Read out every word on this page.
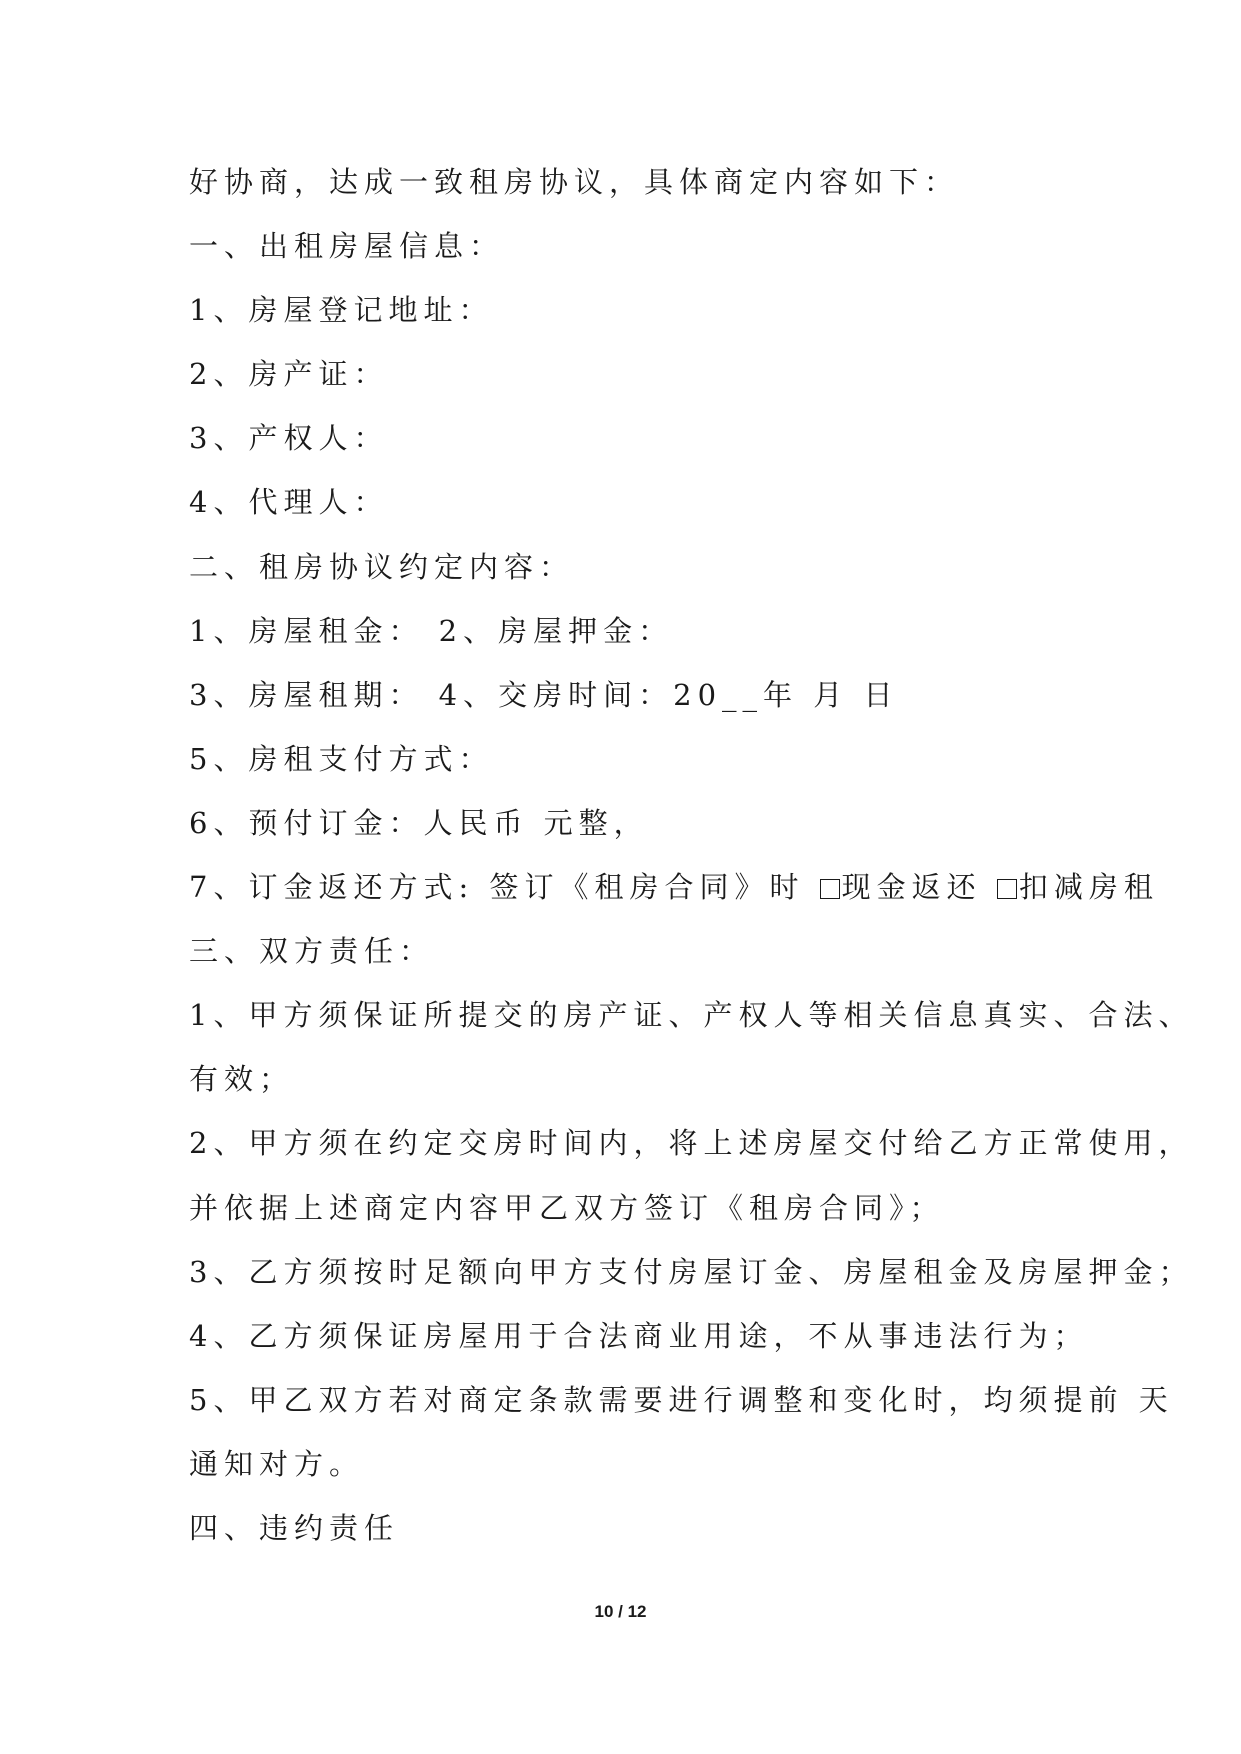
好协商，达成一致租房协议，具体商定内容如下：
一、出租房屋信息：
1、房屋登记地址：
2、房产证：
3、产权人：
4、代理人：
二、租房协议约定内容：
1、房屋租金： 2、房屋押金：
3、房屋租期： 4、交房时间：20__年 月 日
5、房租支付方式：
6、预付订金：人民币 元整，
7、订金返还方式: 签订《租房合同》时 现金返还 扣减房租
三、双方责任：
1、甲方须保证所提交的房产证、产权人等相关信息真实、合法、
有效；
2、甲方须在约定交房时间内，将上述房屋交付给乙方正常使用，
并依据上述商定内容甲乙双方签订《租房合同》；
3、乙方须按时足额向甲方支付房屋订金、房屋租金及房屋押金；
4、乙方须保证房屋用于合法商业用途，不从事违法行为；
5、甲乙双方若对商定条款需要进行调整和变化时，均须提前 天
通知对方。
四、违约责任
10 / 12
